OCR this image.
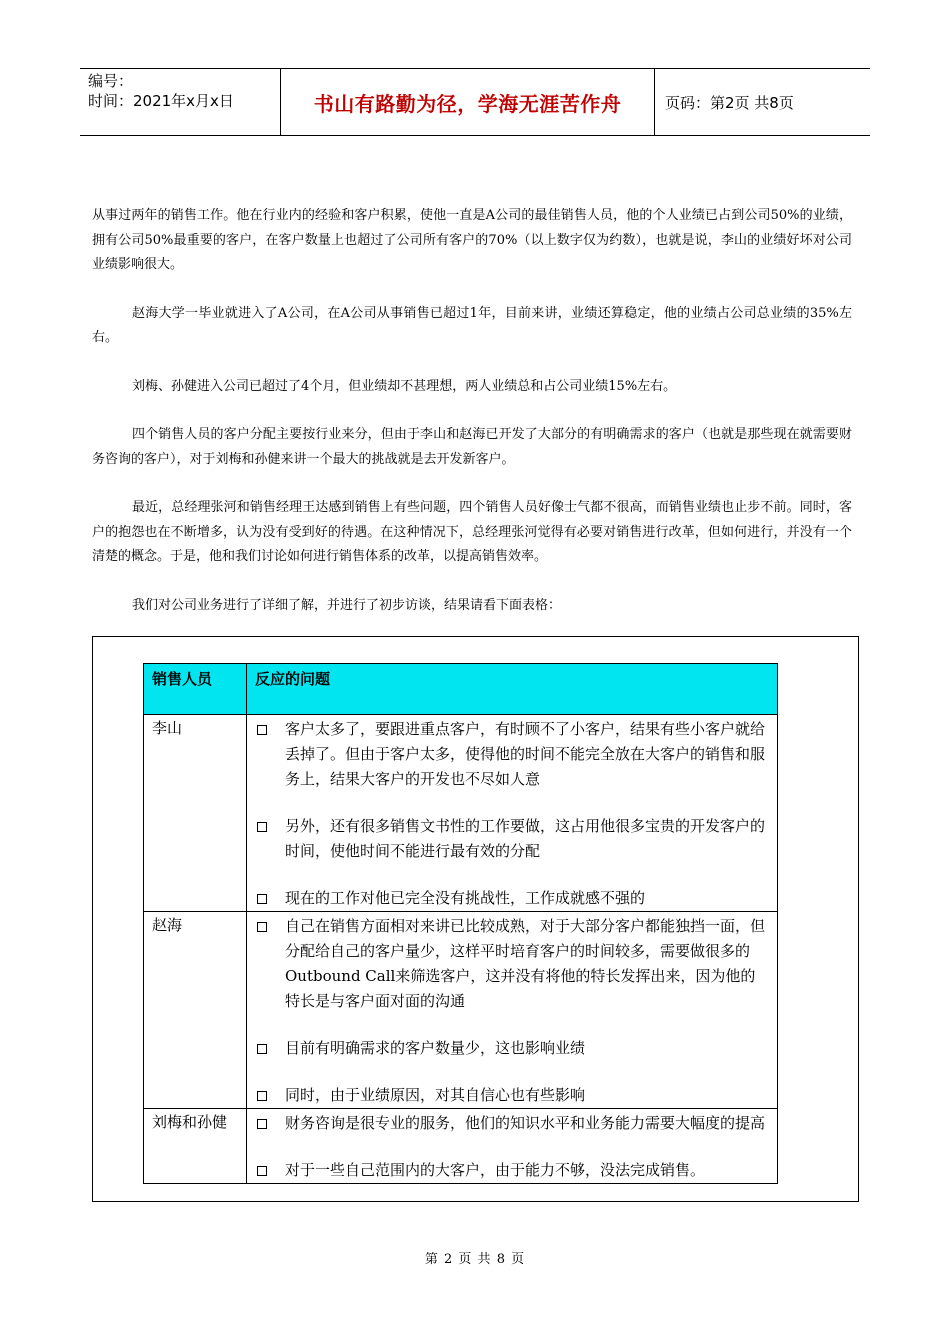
编号：
时间：2021年x月x日	书山有路勤为径，学海无涯苦作舟	页码：第2页 共8页

从事过两年的销售工作。他在行业内的经验和客户积累，使他一直是A公司的最佳销售人员，他的个人业绩已占到公司50%的业绩，拥有公司50%最重要的客户，在客户数量上也超过了公司所有客户的70%（以上数字仅为约数），也就是说，李山的业绩好坏对公司业绩影响很大。

赵海大学一毕业就进入了A公司，在A公司从事销售已超过1年，目前来讲，业绩还算稳定，他的业绩占公司总业绩的35%左右。

刘梅、孙健进入公司已超过了4个月，但业绩却不甚理想，两人业绩总和占公司业绩15%左右。

四个销售人员的客户分配主要按行业来分，但由于李山和赵海已开发了大部分的有明确需求的客户（也就是那些现在就需要财务咨询的客户），对于刘梅和孙健来讲一个最大的挑战就是去开发新客户。

最近，总经理张河和销售经理王达感到销售上有些问题，四个销售人员好像士气都不很高，而销售业绩也止步不前。同时，客户的抱怨也在不断增多，认为没有受到好的待遇。在这种情况下，总经理张河觉得有必要对销售进行改革，但如何进行，并没有一个清楚的概念。于是，他和我们讨论如何进行销售体系的改革，以提高销售效率。

我们对公司业务进行了详细了解，并进行了初步访谈，结果请看下面表格：

销售人员	反应的问题
李山	客户太多了，要跟进重点客户，有时顾不了小客户，结果有些小客户就给丢掉了。但由于客户太多，使得他的时间不能完全放在大客户的销售和服务上，结果大客户的开发也不尽如人意
另外，还有很多销售文书性的工作要做，这占用他很多宝贵的开发客户的时间，使他时间不能进行最有效的分配
现在的工作对他已完全没有挑战性，工作成就感不强的

赵海	自己在销售方面相对来讲已比较成熟，对于大部分客户都能独挡一面，但分配给自己的客户量少，这样平时培育客户的时间较多，需要做很多的Outbound Call来筛选客户，这并没有将他的特长发挥出来，因为他的特长是与客户面对面的沟通
目前有明确需求的客户数量少，这也影响业绩
同时，由于业绩原因，对其自信心也有些影响

刘梅和孙健	财务咨询是很专业的服务，他们的知识水平和业务能力需要大幅度的提高
对于一些自己范围内的大客户，由于能力不够，没法完成销售。
第 2 页 共 8 页
